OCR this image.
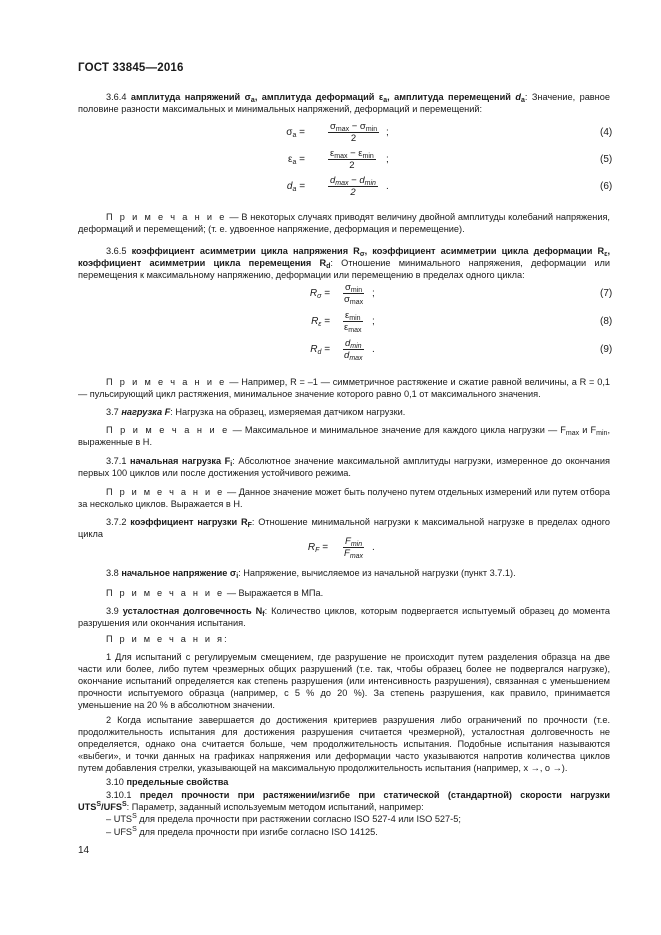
ГОСТ 33845—2016
3.6.4 амплитуда напряжений $\sigma_a$, амплитуда деформаций $\varepsilon_a$, амплитуда перемещений $d_a$: Значение, равное половине разности максимальных и минимальных напряжений, деформаций и перемещений:
$\sigma_a$ =
$\sigma_{max} - \sigma_{min}$
2
;	(4)
$\varepsilon_a$ =
$\varepsilon_{max} - \varepsilon_{min}$
2
;	(5)
$d_a$ =
$d_{max} - d_{min}$
2
.	(6)
П р и м е ч а н и е — В некоторых случаях приводят величину двойной амплитуды колебаний напряжения, деформаций и перемещений; (т. е. удвоенное напряжение, деформация и перемещение).
3.6.5 коэффициент асимметрии цикла напряжения $R_\sigma$, коэффициент асимметрии цикла деформации $R_\varepsilon$, коэффициент асимметрии цикла перемещения $R_d$: Отношение минимального напряжения, деформации или перемещения к максимальному напряжению, деформации или перемещению в пределах одного цикла:
$R_\sigma$ =
$\sigma_{min}$
$\sigma_{max}$
;	(7)
$R_\varepsilon$ =
$\varepsilon_{min}$
$\varepsilon_{max}$
;	(8)
$R_d$ =
$d_{min}$
$d_{max}$
.	(9)
П р и м е ч а н и е — Например, R = –1 — симметричное растяжение и сжатие равной величины, а R = 0,1 — пульсирующий цикл растяжения, минимальное значение которого равно 0,1 от максимального значения.
3.7 нагрузка F: Нагрузка на образец, измеряемая датчиком нагрузки.
П р и м е ч а н и е — Максимальное и минимальное значение для каждого цикла нагрузки — $F_{max}$ и $F_{min}$, выраженные в Н.
3.7.1 начальная нагрузка $F_i$: Абсолютное значение максимальной амплитуды нагрузки, измеренное до окончания первых 100 циклов или после достижения устойчивого режима.
П р и м е ч а н и е — Данное значение может быть получено путем отдельных измерений или путем отбора за несколько циклов. Выражается в Н.
3.7.2 коэффициент нагрузки $R_F$: Отношение минимальной нагрузки к максимальной нагрузке в пределах одного цикла
$R_F$ =
$F_{min}$
$F_{max}$
.
3.8 начальное напряжение $\sigma_i$: Напряжение, вычисляемое из начальной нагрузки (пункт 3.7.1).
П р и м е ч а н и е — Выражается в МПа.
3.9 усталостная долговечность $N_f$: Количество циклов, которым подвергается испытуемый образец до момента разрушения или окончания испытания.
П р и м е ч а н и я:
1 Для испытаний с регулируемым смещением, где разрушение не происходит путем разделения образца на две части или более, либо путем чрезмерных общих разрушений (т.е. так, чтобы образец более не подвергался нагрузке), окончание испытаний определяется как степень разрушения (или интенсивность разрушения), связанная с уменьшением прочности испытуемого образца (например, с 5 % до 20 %). За степень разрушения, как правило, принимается уменьшение на 20 % в абсолютном значении.
2 Когда испытание завершается до достижения критериев разрушения либо ограничений по прочности (т.е. продолжительность испытания для достижения разрушения считается чрезмерной), усталостная долговечность не определяется, однако она считается больше, чем продолжительность испытания. Подобные испытания называются «выбеги», и точки данных на графиках напряжения или деформации часто указываются напротив количества циклов путем добавления стрелки, указывающей на максимальную продолжительность испытания (например, x →, o →).
3.10 предельные свойства
3.10.1 предел прочности при растяжении/изгибе при статической (стандартной) скорости нагрузки $UTS^S/UFS^S$: Параметр, заданный используемым методом испытаний, например:
– $UTS^S$ для предела прочности при растяжении согласно ISO 527-4 или ISO 527-5;
– $UFS^S$ для предела прочности при изгибе согласно ISO 14125.
14
